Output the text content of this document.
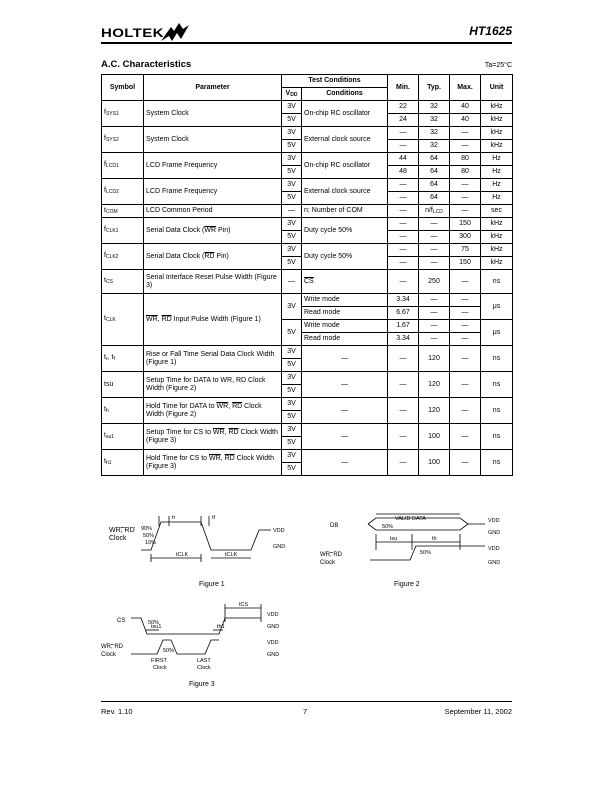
HOLTEK	HT1625
A.C. Characteristics	Ta=25°C
Symbol	Parameter	Test Conditions		Min.	Typ.	Max.	Unit
		$V_{DD}$	Conditions				
$f_{SYS1}$	System Clock	3V	On-chip RC oscillator	22	32	40	kHz
		5V		24	32	40	kHz
$f_{SYS2}$	System Clock	3V	External clock source	—	32	—	kHz
		5V		—	32	—	kHz
$f_{LCD1}$	LCD Frame Frequency	3V	On-chip RC oscillator	44	64	80	Hz
		5V		48	64	80	Hz
$f_{LCD2}$	LCD Frame Frequency	3V	External clock source	—	64	—	Hz
		5V		—	64	—	Hz
$t_{COM}$	LCD Common Period	—	n: Number of COM	—	$n/f_{LCD}$	—	sec
$f_{CLK1}$	Serial Data Clock ($\overline{WR}$ Pin)	3V	Duty cycle 50%	—	—	150	kHz
		5V		—	—	300	kHz
$f_{CLK2}$	Serial Data Clock ($\overline{RD}$ Pin)	3V	Duty cycle 50%	—	—	75	kHz
		5V		—	—	150	kHz
$t_{CS}$	Serial Interface Reset Pulse Width (Figure 3)	—	$\overline{CS}$	—	250	—	ns
$t_{CLK}$	$\overline{WR}$, $\overline{RD}$ Input Pulse Width (Figure 1)	3V	Write mode	3.34	—	—	μs
			Read mode	6.67	—	—	
		5V	Write mode	1.67	—	—	μs
			Read mode	3.34	—	—	
$t_r$, $t_f$	Rise or Fall Time Serial Data Clock Width (Figure 1)	3V	—	—	120	—	ns
		5V					
tsu	Setup Time for DATA to WR, RD Clock Width (Figure 2)	3V	—	—	120	—	ns
		5V					
$t_h$	Hold Time for DATA to $\overline{WR}$, $\overline{RD}$ Clock Width (Figure 2)	3V	—	—	120	—	ns
		5V					
$t_{su1}$	Setup Time for CS to $\overline{WR}$, $\overline{RD}$ Clock Width (Figure 3)	3V	—	—	100	—	ns
		5V					
$t_{h1}$	Hold Time for CS to $\overline{WR}$, $\overline{RD}$ Clock Width (Figure 3)	3V	—	—	100	—	ns
		5V					
WR, RD
Clock
90%
50%
10%
tr	tf
tCLK	tCLK
VDD
GND
Figure 1
DB
VALID DATA
50%
50%
tsu	th
WR, RD
Clock
VDD
GND
VDD
GND
Figure 2
CS	50%
50%
tCS
tsu1	th1
WR, RD
Clock
FIRST
Clock
LAST
Clock
VDD
GND
VDD
GND
Figure 3
Rev. 1.10	7	September 11, 2002
